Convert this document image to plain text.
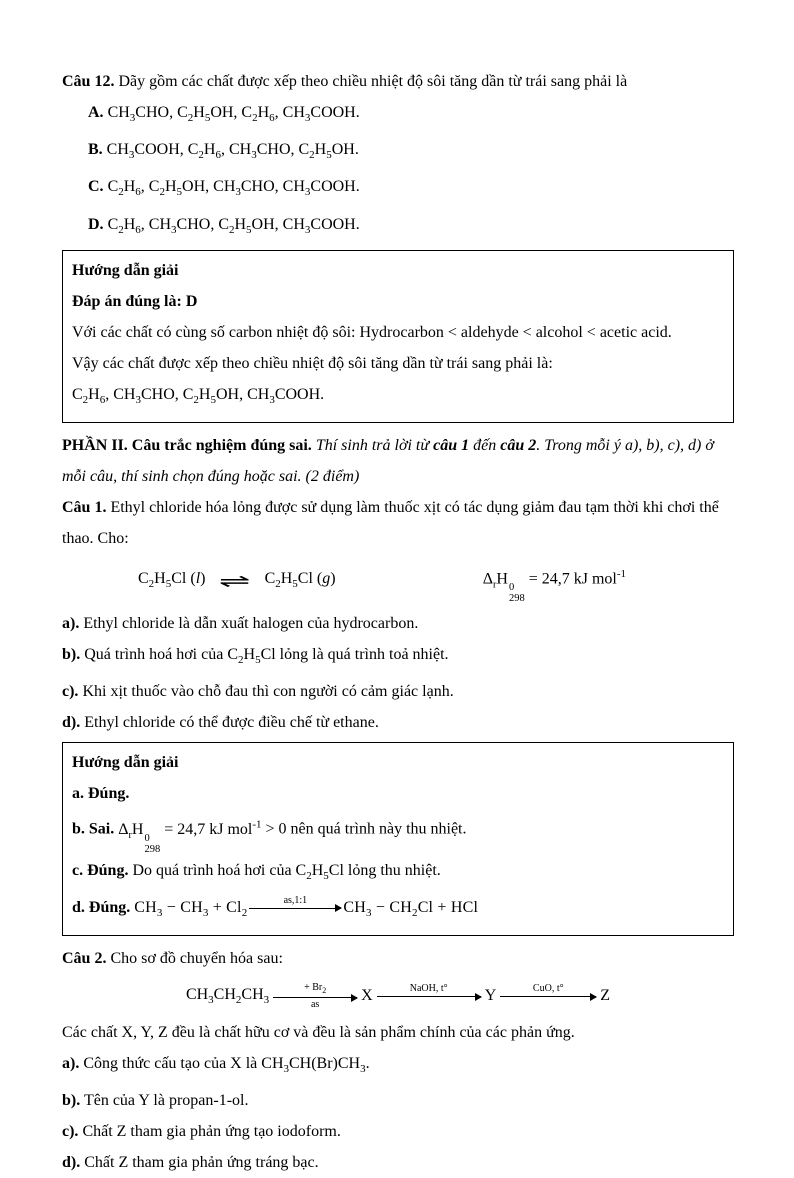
Câu 12. Dãy gồm các chất được xếp theo chiều nhiệt độ sôi tăng dần từ trái sang phải là

A. $CH_3CHO$, $C_2H_5OH$, $C_2H_6$, $CH_3COOH$.

B. $CH_3COOH$, $C_2H_6$, $CH_3CHO$, $C_2H_5OH$.

C. $C_2H_6$, $C_2H_5OH$, $CH_3CHO$, $CH_3COOH$.

D. $C_2H_6$, $CH_3CHO$, $C_2H_5OH$, $CH_3COOH$.

Hướng dẫn giải

Đáp án đúng là: D

Với các chất có cùng số carbon nhiệt độ sôi: Hydrocarbon < aldehyde < alcohol < acetic acid.

Vậy các chất được xếp theo chiều nhiệt độ sôi tăng dần từ trái sang phải là:

$C_2H_6$, $CH_3CHO$, $C_2H_5OH$, $CH_3COOH$.

PHẦN II. Câu trắc nghiệm đúng sai. Thí sinh trả lời từ câu 1 đến câu 2. Trong mỗi ý a), b), c), d) ở mỗi câu, thí sinh chọn đúng hoặc sai. (2 điểm)

Câu 1. Ethyl chloride hóa lỏng được sử dụng làm thuốc xịt có tác dụng giảm đau tạm thời khi chơi thể thao. Cho:

$C_2H_5Cl$ (l) ⇌ $C_2H_5Cl$ (g)	$\Delta_rH$
0
298
= 24,7 kJ mol$^{-1}$

a). Ethyl chloride là dẫn xuất halogen của hydrocarbon.

b). Quá trình hoá hơi của $C_2H_5Cl$ lỏng là quá trình toả nhiệt.

c). Khi xịt thuốc vào chỗ đau thì con người có cảm giác lạnh.

d). Ethyl chloride có thể được điều chế từ ethane.

Hướng dẫn giải

a. Đúng.

b. Sai. $\Delta_rH$
0
298
= 24,7 kJ mol$^{-1}$ > 0 nên quá trình này thu nhiệt.

c. Đúng. Do quá trình hoá hơi của $C_2H_5Cl$ lỏng thu nhiệt.

d. Đúng. $CH_3 - CH_3 + Cl_2$
as,1:1	$CH_3 - CH_2Cl$ + HCl

Câu 2. Cho sơ đồ chuyển hóa sau:

$CH_3CH_2CH_3$
+ $Br_2$
as
X	NaOH, t°	Y	CuO, t°	Z

Các chất X, Y, Z đều là chất hữu cơ và đều là sản phẩm chính của các phản ứng.

a). Công thức cấu tạo của X là $CH_3CH(Br)CH_3$.

b). Tên của Y là propan-1-ol.

c). Chất Z tham gia phản ứng tạo iodoform.

d). Chất Z tham gia phản ứng tráng bạc.
